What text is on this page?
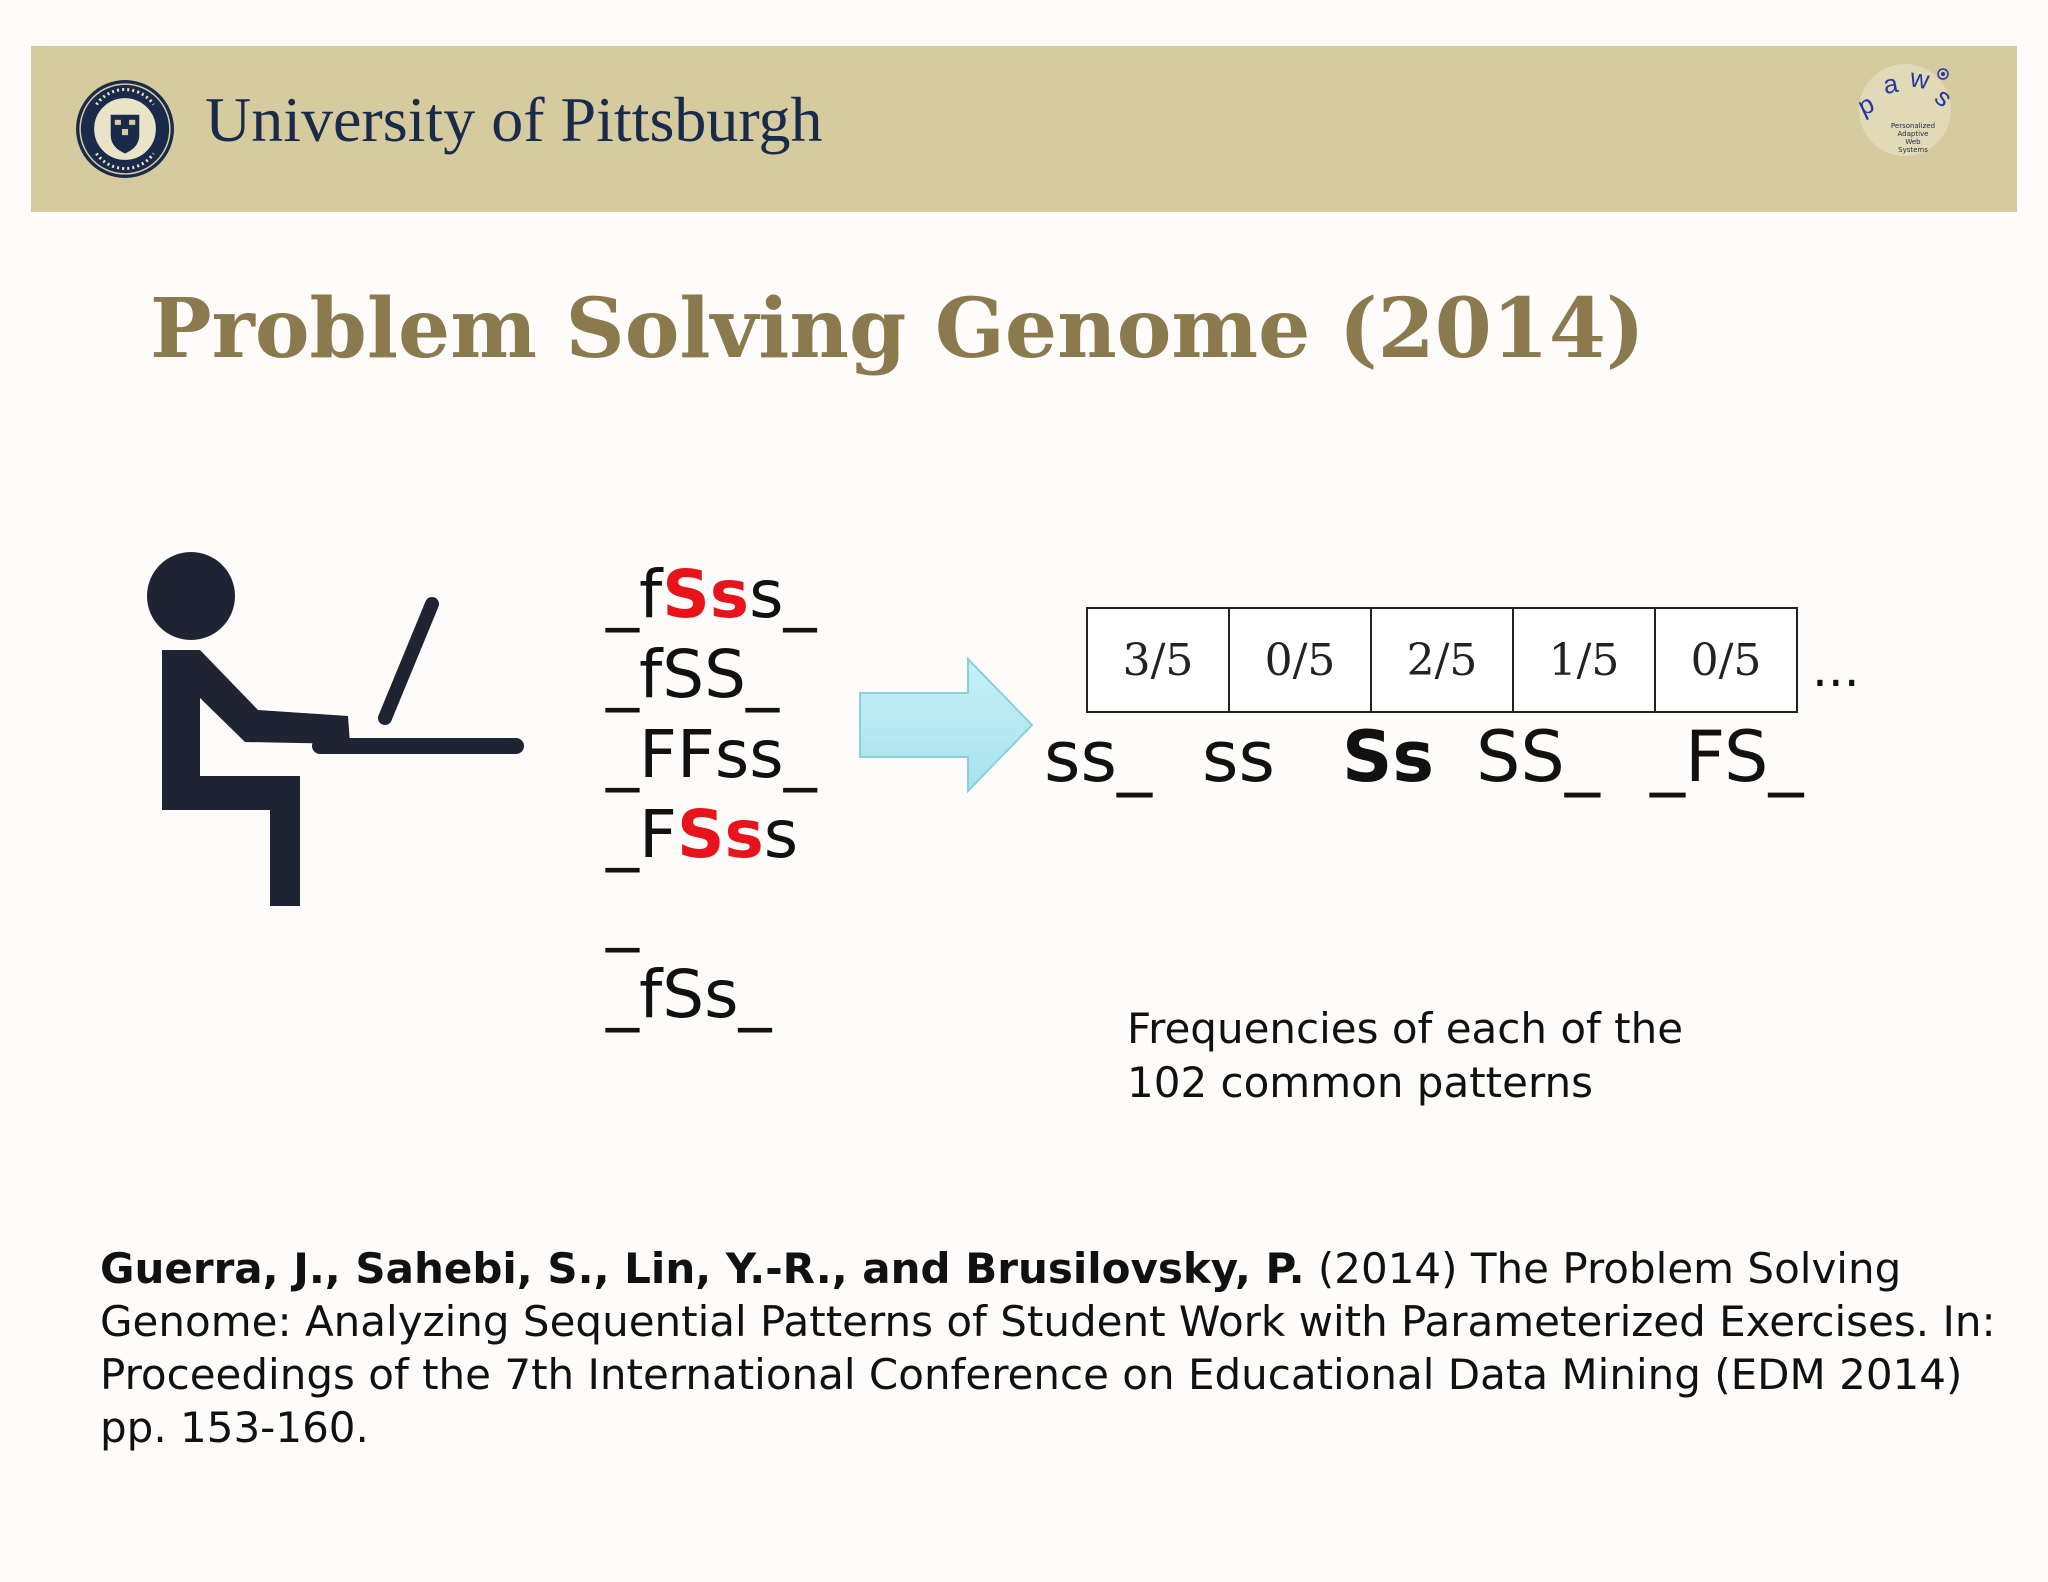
University of Pittsburgh	p
a w
s
Personalized
Adaptive
Web
Systems
Problem Solving Genome (2014)
_fSss_
_fSS_
_FFss_
_FSss
_
_fSs_
3/5	0/5	2/5	1/5	0/5	...
ss_ ss Ss SS_ _FS_
Frequencies of each of the
102 common patterns
Guerra, J., Sahebi, S., Lin, Y.-R., and Brusilovsky, P. (2014) The Problem Solving Genome: Analyzing Sequential Patterns of Student Work with Parameterized Exercises. In: Proceedings of the 7th International Conference on Educational Data Mining (EDM 2014) pp. 153-160.
